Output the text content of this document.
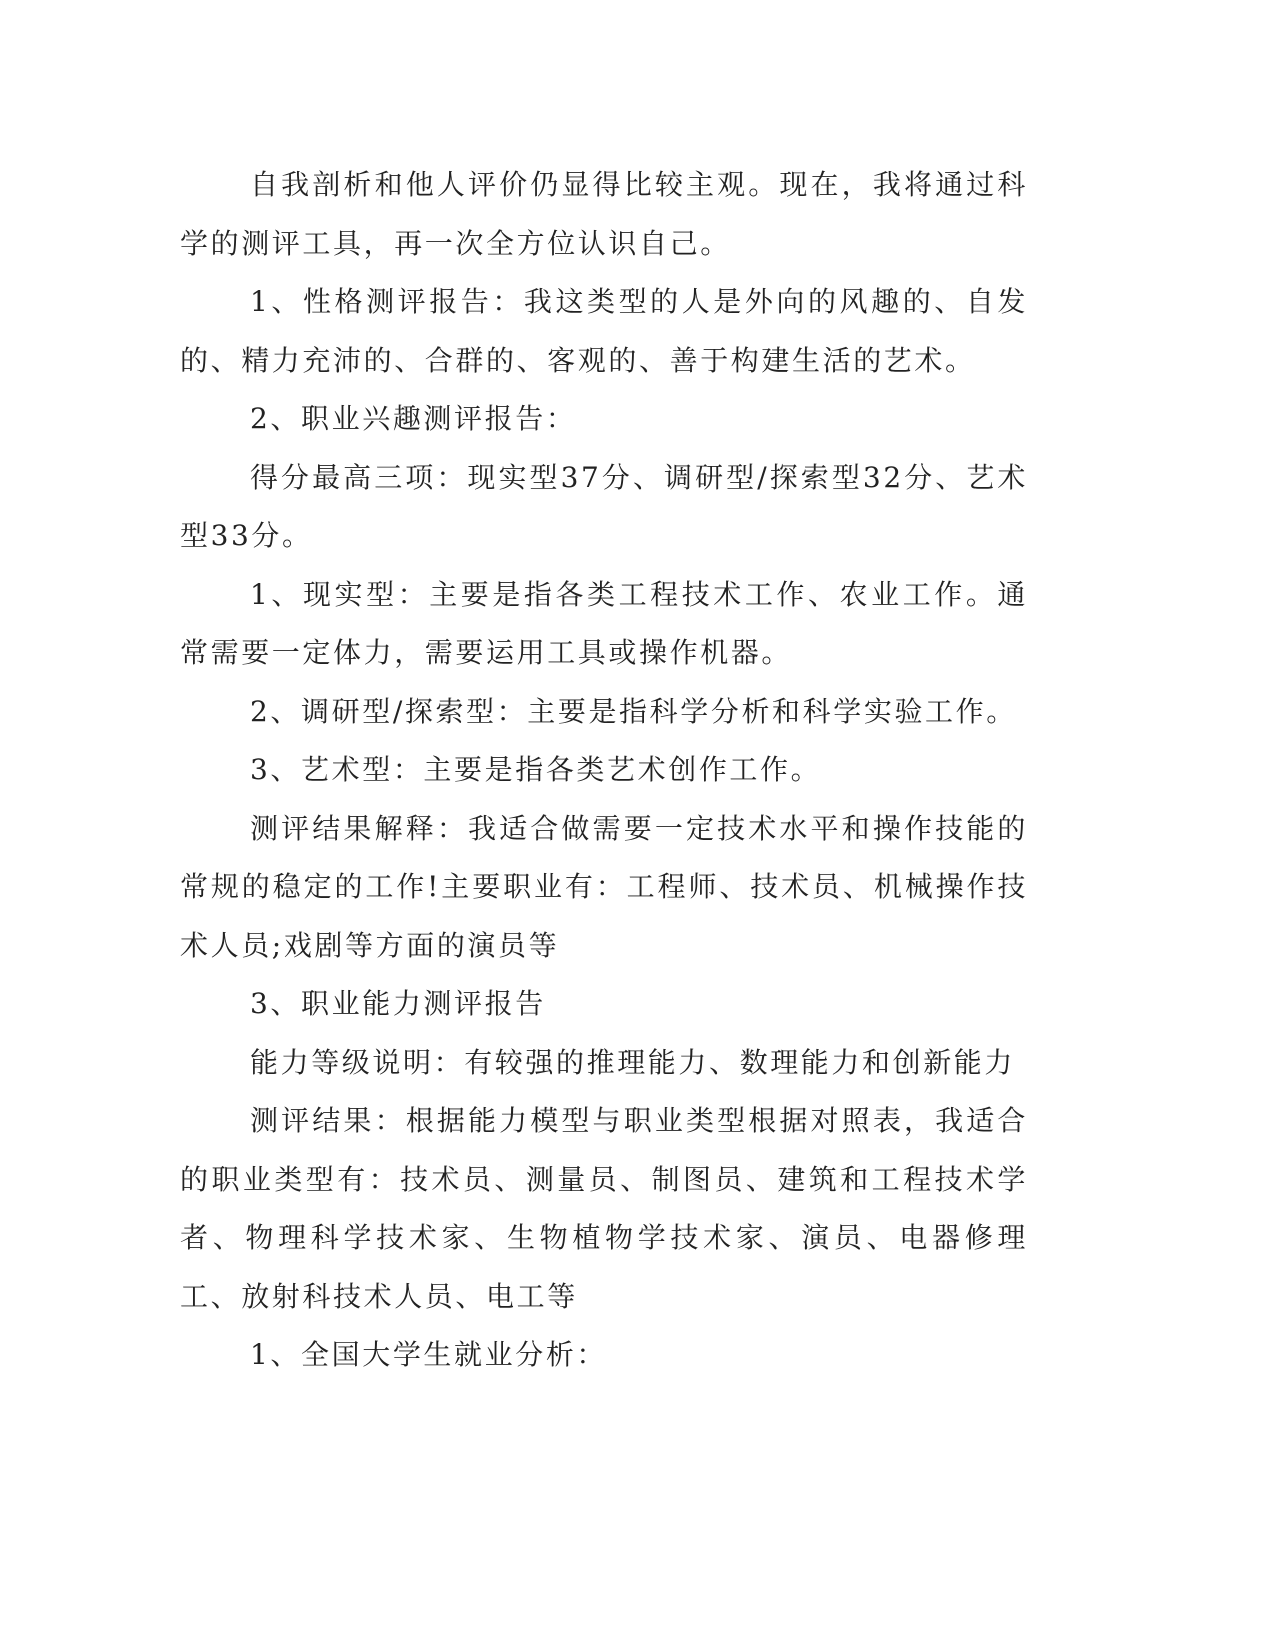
自我剖析和他人评价仍显得比较主观。现在，我将通过科学的测评工具，再一次全方位认识自己。

1、性格测评报告：我这类型的人是外向的风趣的、自发的、精力充沛的、合群的、客观的、善于构建生活的艺术。

2、职业兴趣测评报告：

得分最高三项：现实型37分、调研型/探索型32分、艺术型33分。

1、现实型：主要是指各类工程技术工作、农业工作。通常需要一定体力，需要运用工具或操作机器。

2、调研型/探索型：主要是指科学分析和科学实验工作。

3、艺术型：主要是指各类艺术创作工作。

测评结果解释：我适合做需要一定技术水平和操作技能的常规的稳定的工作!主要职业有：工程师、技术员、机械操作技术人员;戏剧等方面的演员等

3、职业能力测评报告

能力等级说明：有较强的推理能力、数理能力和创新能力

测评结果：根据能力模型与职业类型根据对照表，我适合的职业类型有：技术员、测量员、制图员、建筑和工程技术学者、物理科学技术家、生物植物学技术家、演员、电器修理工、放射科技术人员、电工等

1、全国大学生就业分析：
